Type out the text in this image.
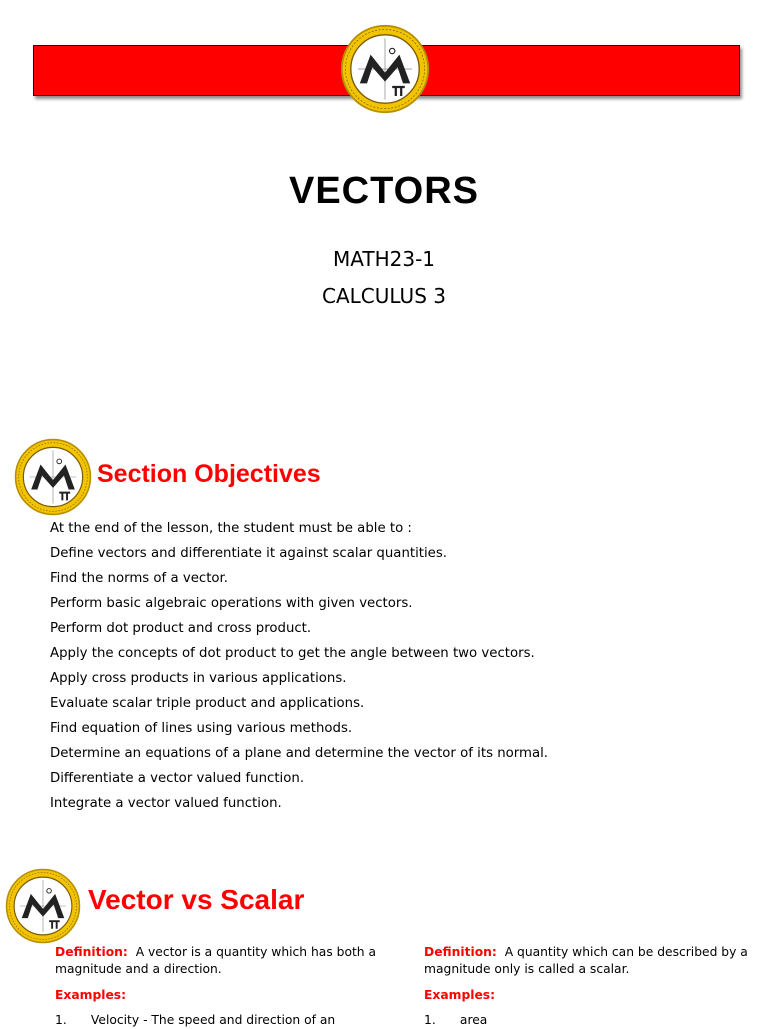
VECTORS
MATH23-1
CALCULUS 3
Section Objectives
At the end of the lesson, the student must be able to :
Define vectors and differentiate it against scalar quantities.
Find the norms of a vector.
Perform basic algebraic operations with given vectors.
Perform dot product and cross product.
Apply the concepts of dot product to get the angle between two vectors.
Apply cross products in various applications.
Evaluate scalar triple product and applications.
Find equation of lines using various methods.
Determine an equations of a plane and determine the vector of its normal.
Differentiate a vector valued function.
Integrate a vector valued function.
Vector vs Scalar
Definition: A vector is a quantity which has both a magnitude and a direction.
Examples:
1. Velocity - The speed and direction of an
Definition: A quantity which can be described by a magnitude only is called a scalar.
Examples:
1. area
